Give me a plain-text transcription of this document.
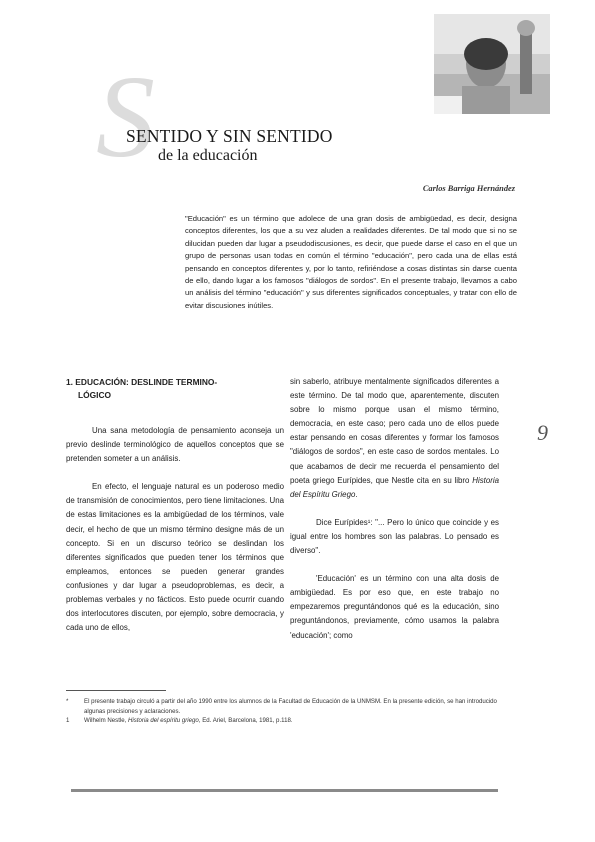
S
SENTIDO Y SIN SENTIDO
de la educación
Carlos Barriga Hernández
"Educación" es un término que adolece de una gran dosis de ambigüedad, es decir, designa conceptos diferentes, los que a su vez aluden a realidades diferentes. De tal modo que si no se dilucidan pueden dar lugar a pseudodiscusiones, es decir, que puede darse el caso en el que un grupo de personas usan todas en común el término "educación", pero cada una de ellas está pensando en conceptos diferentes y, por lo tanto, refiriéndose a cosas distintas sin darse cuenta de ello, dando lugar a los famosos "diálogos de sordos". En el presente trabajo, llevamos a cabo un análisis del término "educación" y sus diferentes significados conceptuales, y tratar con ello de evitar discusiones inútiles.
1. EDUCACIÓN: DESLINDE TERMINO-
LÓGICO

Una sana metodología de pensamiento aconseja un previo deslinde terminológico de aquellos conceptos que se pretenden someter a un análisis.

En efecto, el lenguaje natural es un poderoso medio de transmisión de conocimientos, pero tiene limitaciones. Una de estas limitaciones es la ambigüedad de los términos, vale decir, el hecho de que un mismo término designe más de un concepto. Si en un discurso teórico se deslindan los diferentes significados que pueden tener los términos que empleamos, entonces se pueden generar grandes confusiones y dar lugar a pseudoproblemas, es decir, a problemas verbales y no fácticos. Esto puede ocurrir cuando dos interlocutores discuten, por ejemplo, sobre democracia, y cada uno de ellos,

sin saberlo, atribuye mentalmente significados diferentes a este término. De tal modo que, aparentemente, discuten sobre lo mismo porque usan el mismo término, democracia, en este caso; pero cada uno de ellos puede estar pensando en cosas diferentes y formar los famosos "diálogos de sordos", en este caso de sordos mentales. Lo que acabamos de decir me recuerda el pensamiento del poeta griego Eurípides, que Nestle cita en su libro Historia del Espíritu Griego.

Dice Eurípides¹: "... Pero lo único que coincide y es igual entre los hombres son las palabras. Lo pensado es diverso".

'Educación' es un término con una alta dosis de ambigüedad. Es por eso que, en este trabajo no empezaremos preguntándonos qué es la educación, sino preguntándonos, previamente, cómo usamos la palabra 'educación'; como

9
*	El presente trabajo circuló a partir del año 1990 entre los alumnos de la Facultad de Educación de la UNMSM. En la presente edición, se han introducido algunas precisiones y aclaraciones.
1 Wilhelm Nestle, Historia del espíritu griego, Ed. Ariel, Barcelona, 1981, p.118.
